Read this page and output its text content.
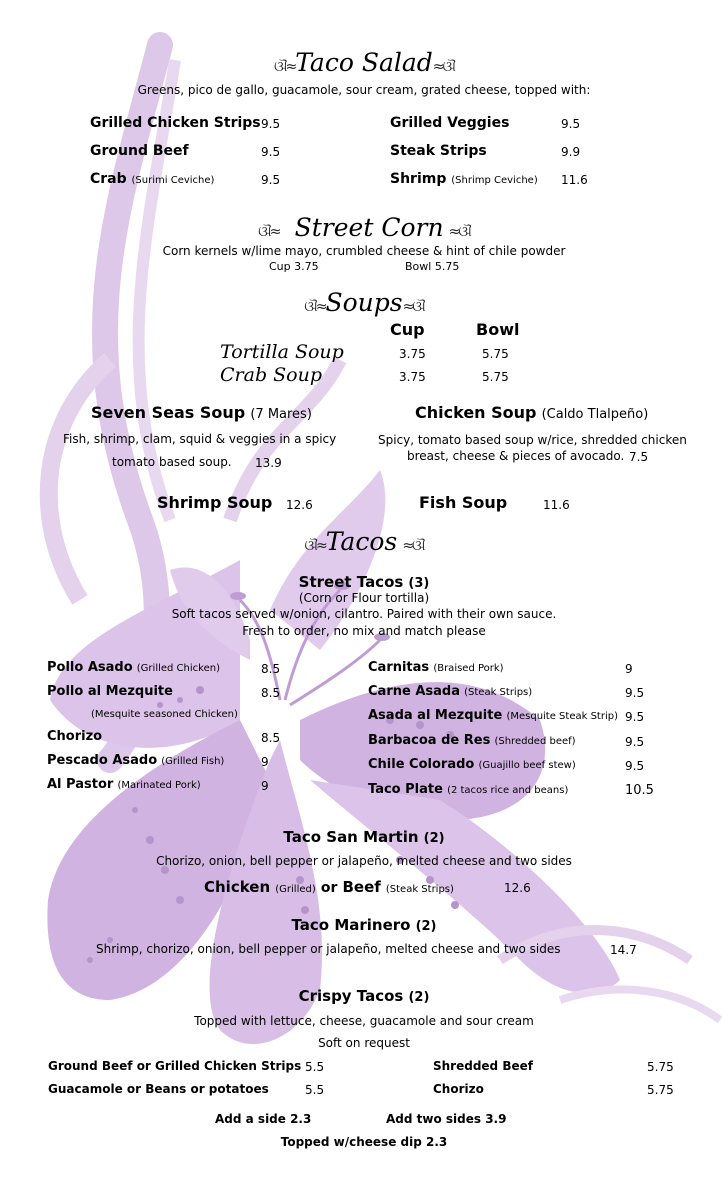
ଔ≈Taco Salad≈ଔ
Greens, pico de gallo, guacamole, sour cream, grated cheese, topped with:
Grilled Chicken Strips 9.5
Ground Beef	9.5
Crab (Surimi Ceviche)	9.5
Grilled Veggies	9.5
Steak Strips	9.9
Shrimp (Shrimp Ceviche) 11.6
ଔ≈ Street Corn ≈ଔ
Corn kernels w/lime mayo, crumbled cheese & hint of chile powder
Cup 3.75	Bowl 5.75
ଔ≈Soups≈ଔ
Cup	Bowl
Tortilla Soup	3.75	5.75
Crab Soup	3.75	5.75
Seven Seas Soup (7 Mares)
Fish, shrimp, clam, squid & veggies in a spicy
tomato based soup. 13.9
Chicken Soup (Caldo Tlalpeño)
Spicy, tomato based soup w/rice, shredded chicken
breast, cheese & pieces of avocado. 7.5
Shrimp Soup 12.6	Fish Soup	11.6
ଔ≈Tacos ≈ଔ
Street Tacos (3)
(Corn or Flour tortilla)
Soft tacos served w/onion, cilantro. Paired with their own sauce.
Fresh to order, no mix and match please
Pollo Asado (Grilled Chicken)	8.5
Pollo al Mezquite	8.5
(Mesquite seasoned Chicken)
Chorizo	8.5
Pescado Asado (Grilled Fish)	9
Al Pastor (Marinated Pork)	9
Carnitas (Braised Pork)	9
Carne Asada (Steak Strips)	9.5
Asada al Mezquite (Mesquite Steak Strip) 9.5
Barbacoa de Res (Shredded beef)	9.5
Chile Colorado (Guajillo beef stew)	9.5
Taco Plate (2 tacos rice and beans)	10.5
Taco San Martin (2)
Chorizo, onion, bell pepper or jalapeño, melted cheese and two sides
Chicken (Grilled) or Beef (Steak Strips)	12.6
Taco Marinero (2)
Shrimp, chorizo, onion, bell pepper or jalapeño, melted cheese and two sides	14.7
Crispy Tacos (2)
Topped with lettuce, cheese, guacamole and sour cream
Soft on request
Ground Beef or Grilled Chicken Strips 5.5
Guacamole or Beans or potatoes	5.5
Shredded Beef	5.75
Chorizo	5.75
Add a side 2.3	Add two sides 3.9
Topped w/cheese dip 2.3
